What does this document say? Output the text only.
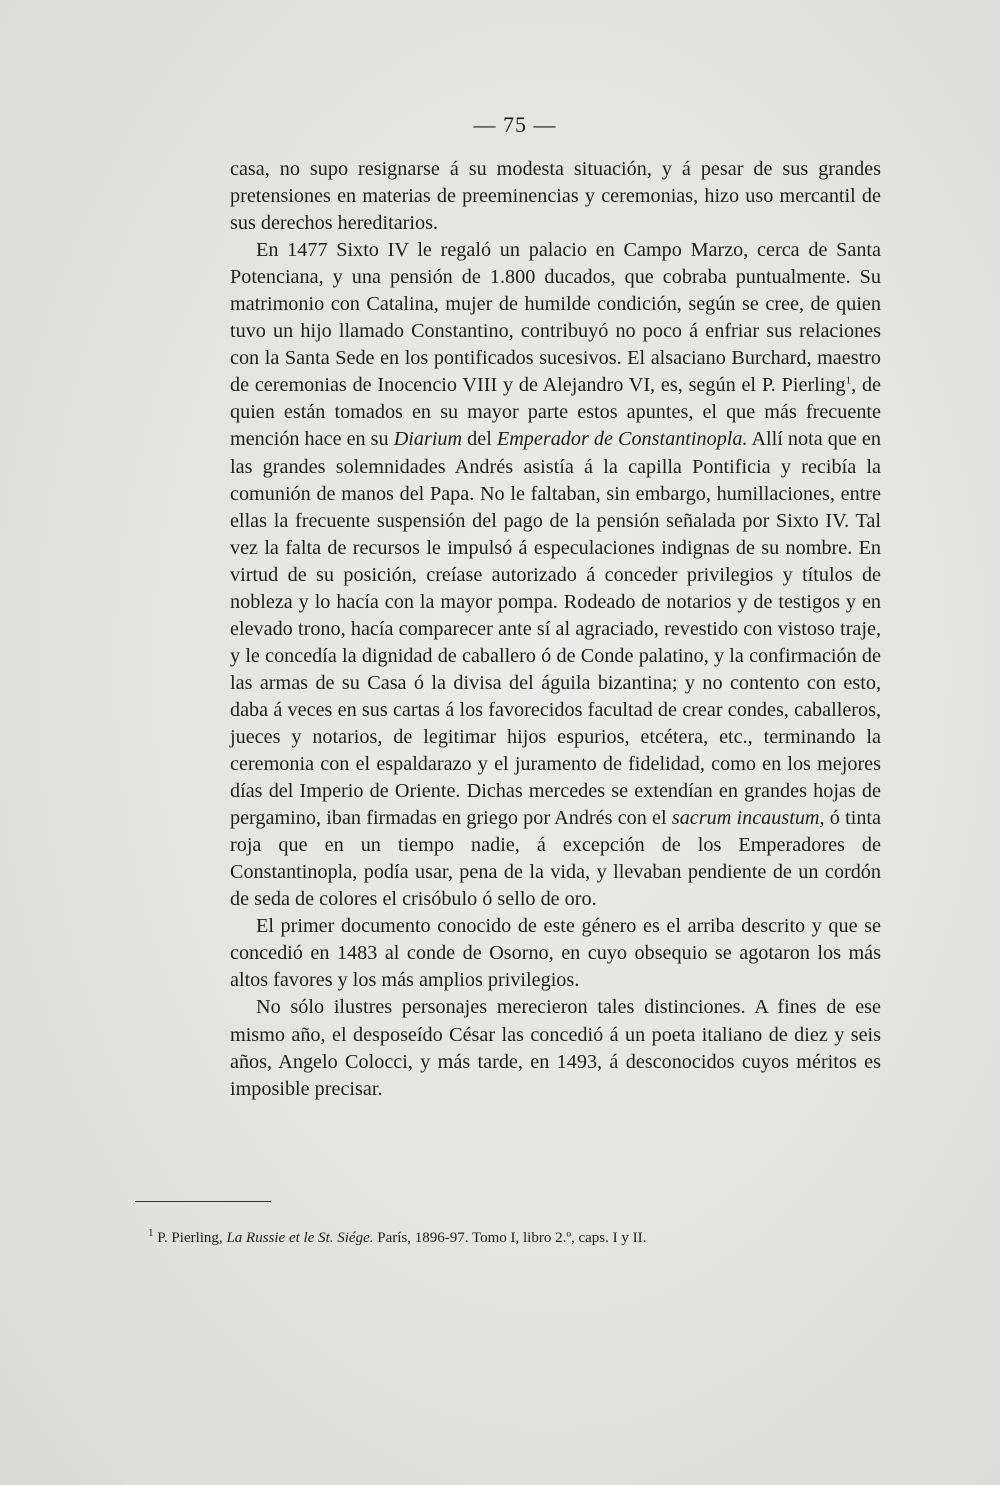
— 75 —

casa, no supo resignarse á su modesta situación, y á pesar de sus grandes pretensiones en materias de preeminencias y ceremonias, hizo uso mercantil de sus derechos hereditarios.

En 1477 Sixto IV le regaló un palacio en Campo Marzo, cerca de Santa Potenciana, y una pensión de 1.800 ducados, que cobraba puntualmente. Su matrimonio con Catalina, mujer de humilde condición, según se cree, de quien tuvo un hijo llamado Constantino, contribuyó no poco á enfriar sus relaciones con la Santa Sede en los pontificados sucesivos. El alsaciano Burchard, maestro de ceremonias de Inocencio VIII y de Alejandro VI, es, según el P. Pierling$^1$, de quien están tomados en su mayor parte estos apuntes, el que más frecuente mención hace en su Diarium del Emperador de Constantinopla. Allí nota que en las grandes solemnidades Andrés asistía á la capilla Pontificia y recibía la comunión de manos del Papa. No le faltaban, sin embargo, humillaciones, entre ellas la frecuente suspensión del pago de la pensión señalada por Sixto IV. Tal vez la falta de recursos le impulsó á especulaciones indignas de su nombre. En virtud de su posición, creíase autorizado á conceder privilegios y títulos de nobleza y lo hacía con la mayor pompa. Rodeado de notarios y de testigos y en elevado trono, hacía comparecer ante sí al agraciado, revestido con vistoso traje, y le concedía la dignidad de caballero ó de Conde palatino, y la confirmación de las armas de su Casa ó la divisa del águila bizantina; y no contento con esto, daba á veces en sus cartas á los favorecidos facultad de crear condes, caballeros, jueces y notarios, de legitimar hijos espurios, etcétera, etc., terminando la ceremonia con el espaldarazo y el juramento de fidelidad, como en los mejores días del Imperio de Oriente. Dichas mercedes se extendían en grandes hojas de pergamino, iban firmadas en griego por Andrés con el sacrum incaustum, ó tinta roja que en un tiempo nadie, á excepción de los Emperadores de Constantinopla, podía usar, pena de la vida, y llevaban pendiente de un cordón de seda de colores el crisóbulo ó sello de oro.

El primer documento conocido de este género es el arriba descrito y que se concedió en 1483 al conde de Osorno, en cuyo obsequio se agotaron los más altos favores y los más amplios privilegios.

No sólo ilustres personajes merecieron tales distinciones. A fines de ese mismo año, el desposeído César las concedió á un poeta italiano de diez y seis años, Angelo Colocci, y más tarde, en 1493, á desconocidos cuyos méritos es imposible precisar.

$^1$ P. Pierling, La Russie et le St. Siége. París, 1896-97. Tomo I, libro 2.º, caps. I y II.
